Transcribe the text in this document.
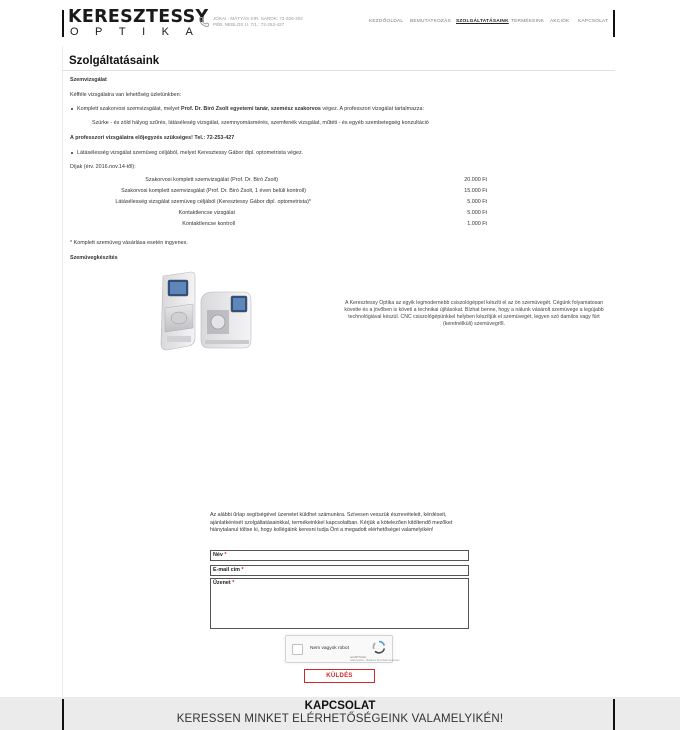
KERESZTESSY
OPTIKA
JÓKAI - MÁTYÁS KIR. SAROK: 72-326-204
PÉB. NEBLOS U. 7/1.: 72-253-427
KEZDŐOLDAL BEMUTATKOZÁS SZOLGÁLTATÁSAINK TERMÉKEINK AKCIÓK KAPCSOLAT
Szolgáltatásaink
Szemvizsgálat
Kéfféle vizsgálatra van lehetőség üzletünkben:
Komplett szakorvosi szemvizsgálat, melyet Prof. Dr. Biró Zsolt egyetemi tanár, szemész szakorvos végez. A professzori vizsgálat tartalmazza:
Szürke - és zöld hályog szűrés, látáséleség vizsgálat, szemnyomásmérés, szemfenék vizsgálat, műtéti - és egyéb szembetegség konzultáció
A professzori vizsgálatra előjegyzés szükséges! Tel.: 72-253-427
Látásélesség vizsgálat szemüveg céljából, melyet Keresztessy Gábor dipl. optometrista végez.
Díjak (érv. 2016.nov.14-től):
Szakorvosi komplett szemvizsgálat (Prof. Dr. Biró Zsolt)	20.000 Ft
Szakorvosi komplett szemvizsgálat (Prof. Dr. Biró Zsolt, 1 éven belüli kontroll)	15.000 Ft
Látásélesség vizsgálat szemüveg céljából (Keresztessy Gábor dipl. optometrista)*	5.000 Ft
Kontaktlencse vizsgálat	5.000 Ft
Kontaktlencse kontroll	1.000 Ft
* Komplett szemüveg vásárlása esetén ingyenes.
Szemüvegkészítés
A Keresztessy Optika az egyik legmodernebb csiszológéppel készíti el az ön szemüvegét. Cégünk folyamatosan követte és a jövőben is követi a technikai újításokat. Bízhat benne, hogy a nálunk vásárolt szemüvege a legújabb technológiával készül. CNC csiszológépünkkel helyben készítjük el szemüvegét, legyen szó damilos vagy fúrt (keretnélküli) szemüvegről.
Az alábbi űrlap segítségével üzenetet küldhet számunkra. Szívesen vesszük észrevételeit, kérdéseit, ajánlatkérését szolgáltatásainkkal, termékeinkkel kapcsolatban. Kérjük a kötelezően kitöltendő mezőket hiánytalanul töltse ki, hogy kollégáink keresni tudja Önt a megadott elérhetőségei valamelyikén!
Név *
E-mail cím *
Üzenet *
Nem vagyok robot
reCAPTCHA
Adatvédelem - Általános Szerződési Feltételek
KÜLDÉS
KAPCSOLAT
KERESSEN MINKET ELÉRHETŐSÉGEINK VALAMELYIKÉN!
